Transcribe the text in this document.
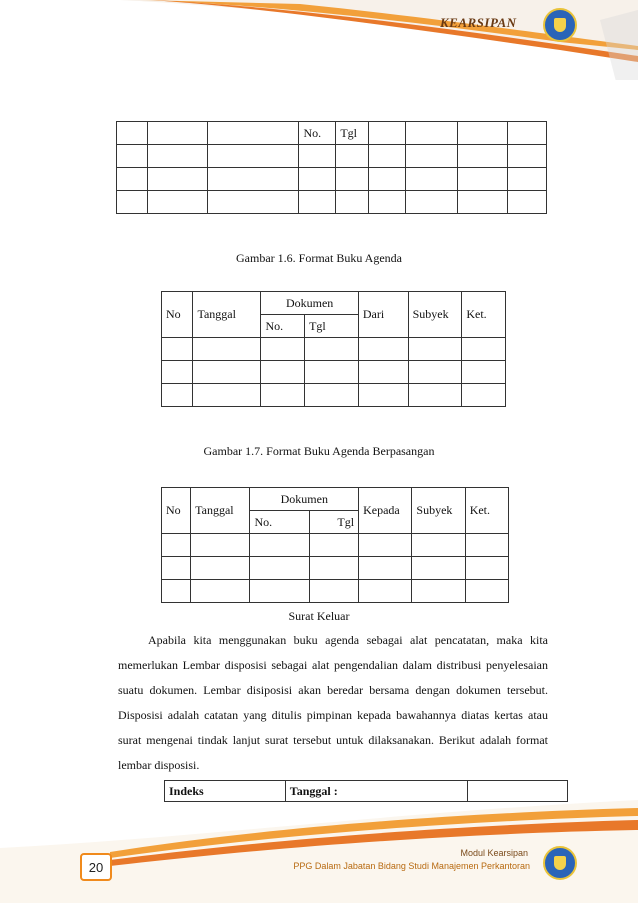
KEARSIPAN
			No.	Tgl				

Gambar 1.6. Format Buku Agenda
No	Tanggal	Dokumen		Dari	Subyek	Ket.
		No.	Tgl			

Gambar 1.7. Format Buku Agenda Berpasangan
No	Tanggal	Dokumen		Kepada	Subyek	Ket.
		No.	Tgl			

Surat Keluar

Apabila kita menggunakan buku agenda sebagai alat pencatatan, maka kita memerlukan Lembar disposisi sebagai alat pengendalian dalam distribusi penyelesaian suatu dokumen. Lembar disiposisi akan beredar bersama dengan dokumen tersebut. Disposisi adalah catatan yang ditulis pimpinan kepada bawahannya diatas kertas atau surat mengenai tindak lanjut surat tersebut untuk dilaksanakan. Berikut adalah format lembar disposisi.

Indeks	Tanggal :	
20
Modul Kearsipan
PPG Dalam Jabatan Bidang Studi Manajemen Perkantoran
